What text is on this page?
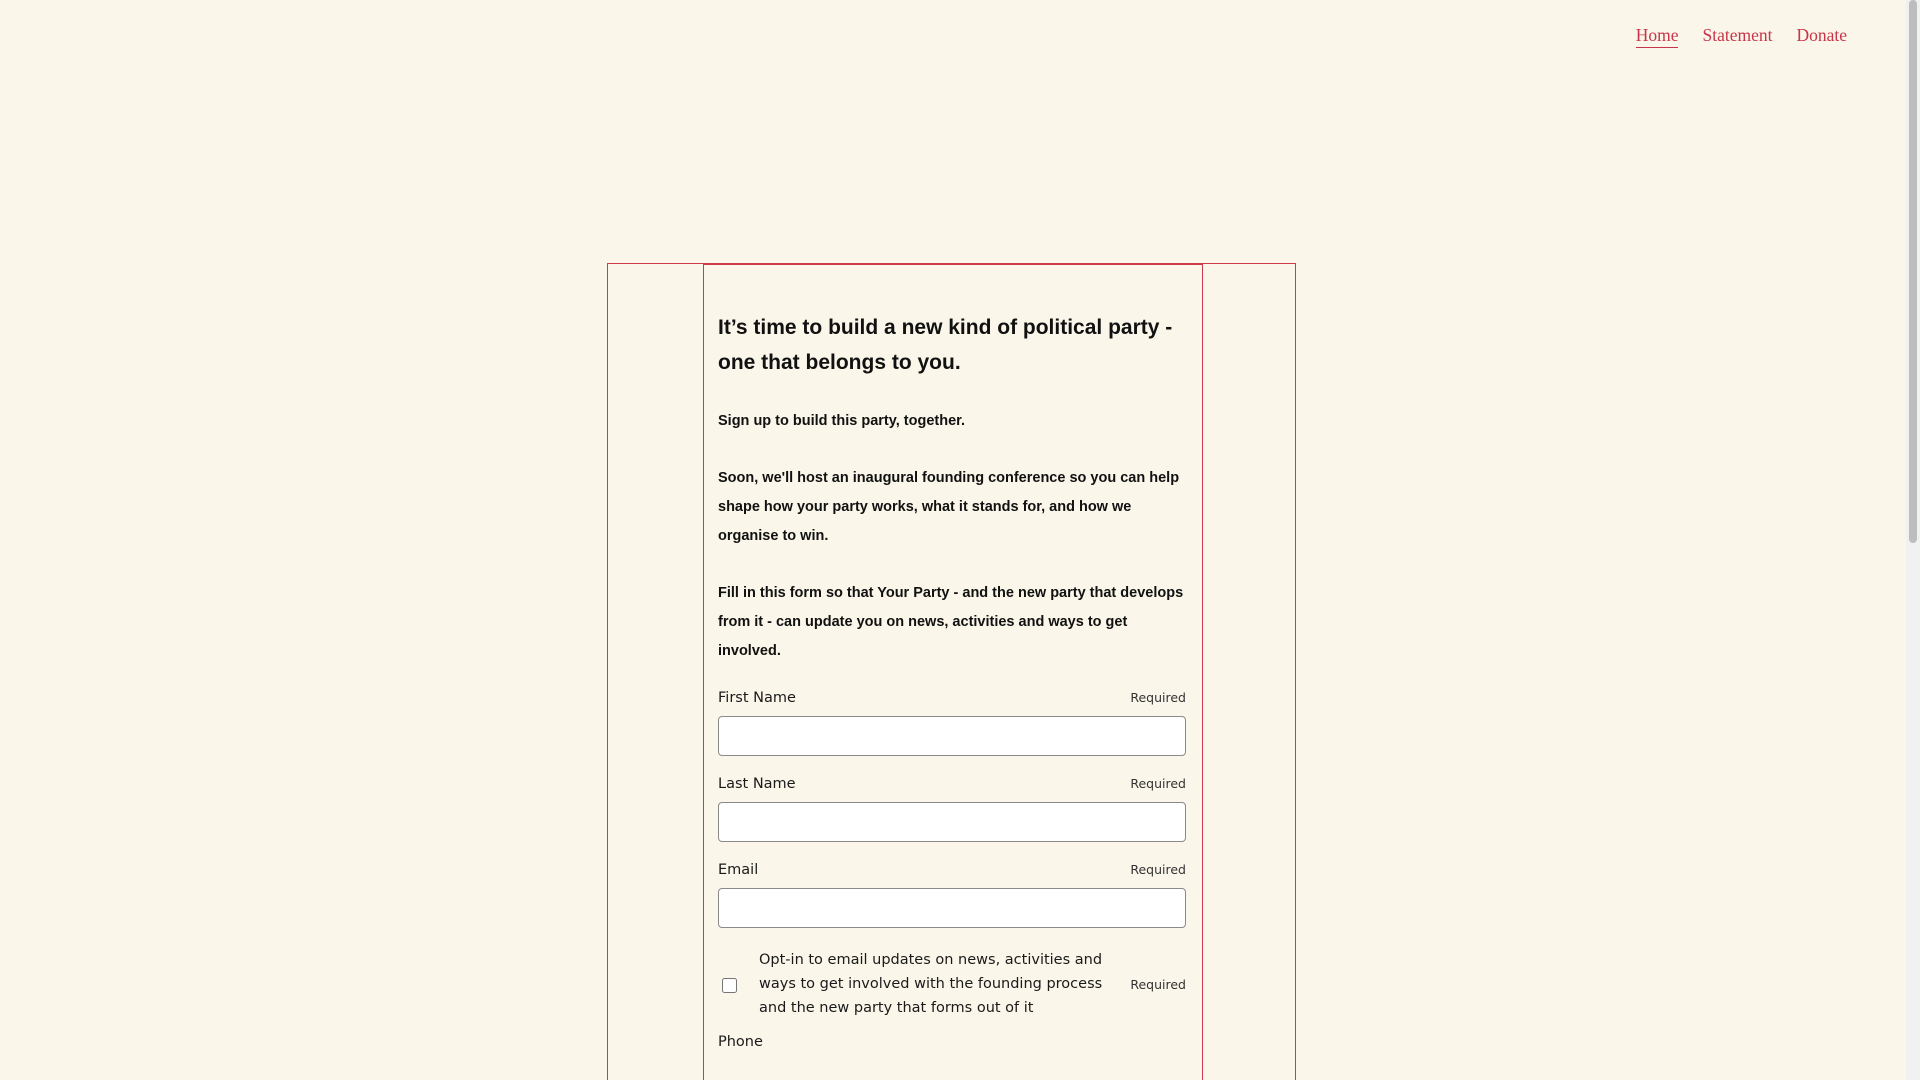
Home Statement Donate
It’s time to build a new kind of political party - one that belongs to you.

Sign up to build this party, together.

Soon, we'll host an inaugural founding conference so you can help shape how your party works, what it stands for, and how we organise to win.

Fill in this form so that Your Party - and the new party that develops from it - can update you on news, activities and ways to get involved.

First Name	Required
Last Name	Required
Email	Required
Opt-in to email updates on news, activities and ways to get involved with the founding process and the new party that forms out of it
Required
Phone
